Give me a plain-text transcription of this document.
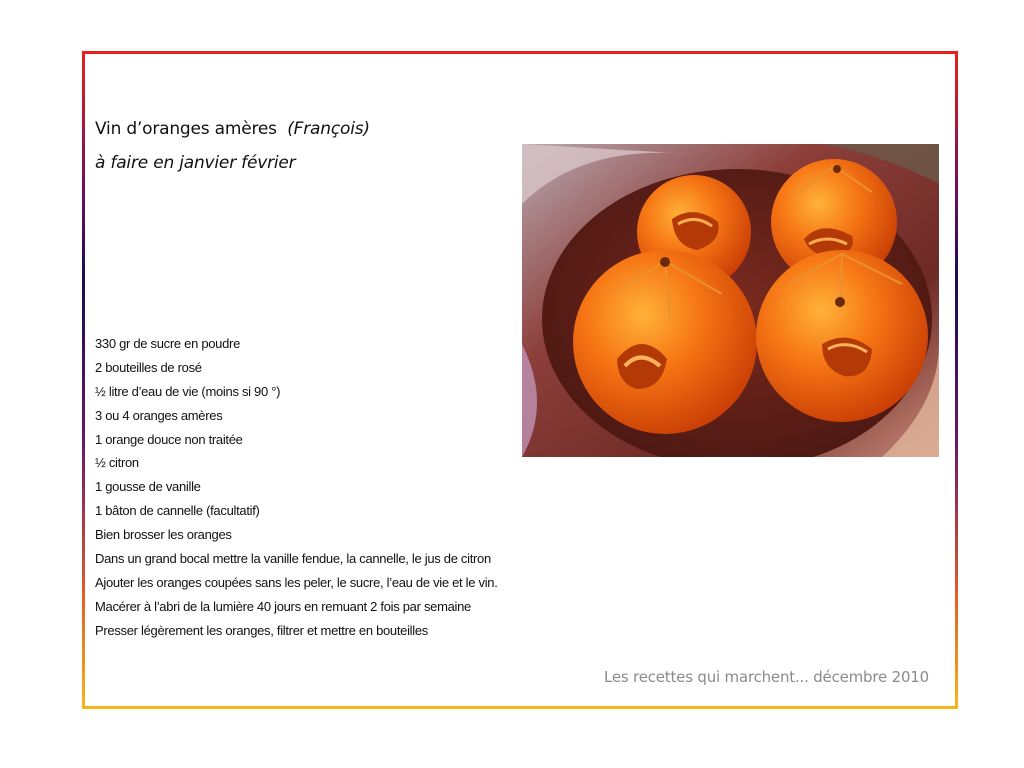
Vin d’oranges amères (François)
à faire en janvier février
330 gr de sucre en poudre
2 bouteilles de rosé
½ litre d’eau de vie (moins si 90 °)
3 ou 4 oranges amères
1 orange douce non traitée
½ citron
1 gousse de vanille
1 bâton de cannelle (facultatif)
Bien brosser les oranges
Dans un grand bocal mettre la vanille fendue, la cannelle, le jus de citron
Ajouter les oranges coupées sans les peler, le sucre, l’eau de vie et le vin.
Macérer à l’abri de la lumière 40 jours en remuant 2 fois par semaine
Presser légèrement les oranges, filtrer et mettre en bouteilles
Les recettes qui marchent... décembre 2010
